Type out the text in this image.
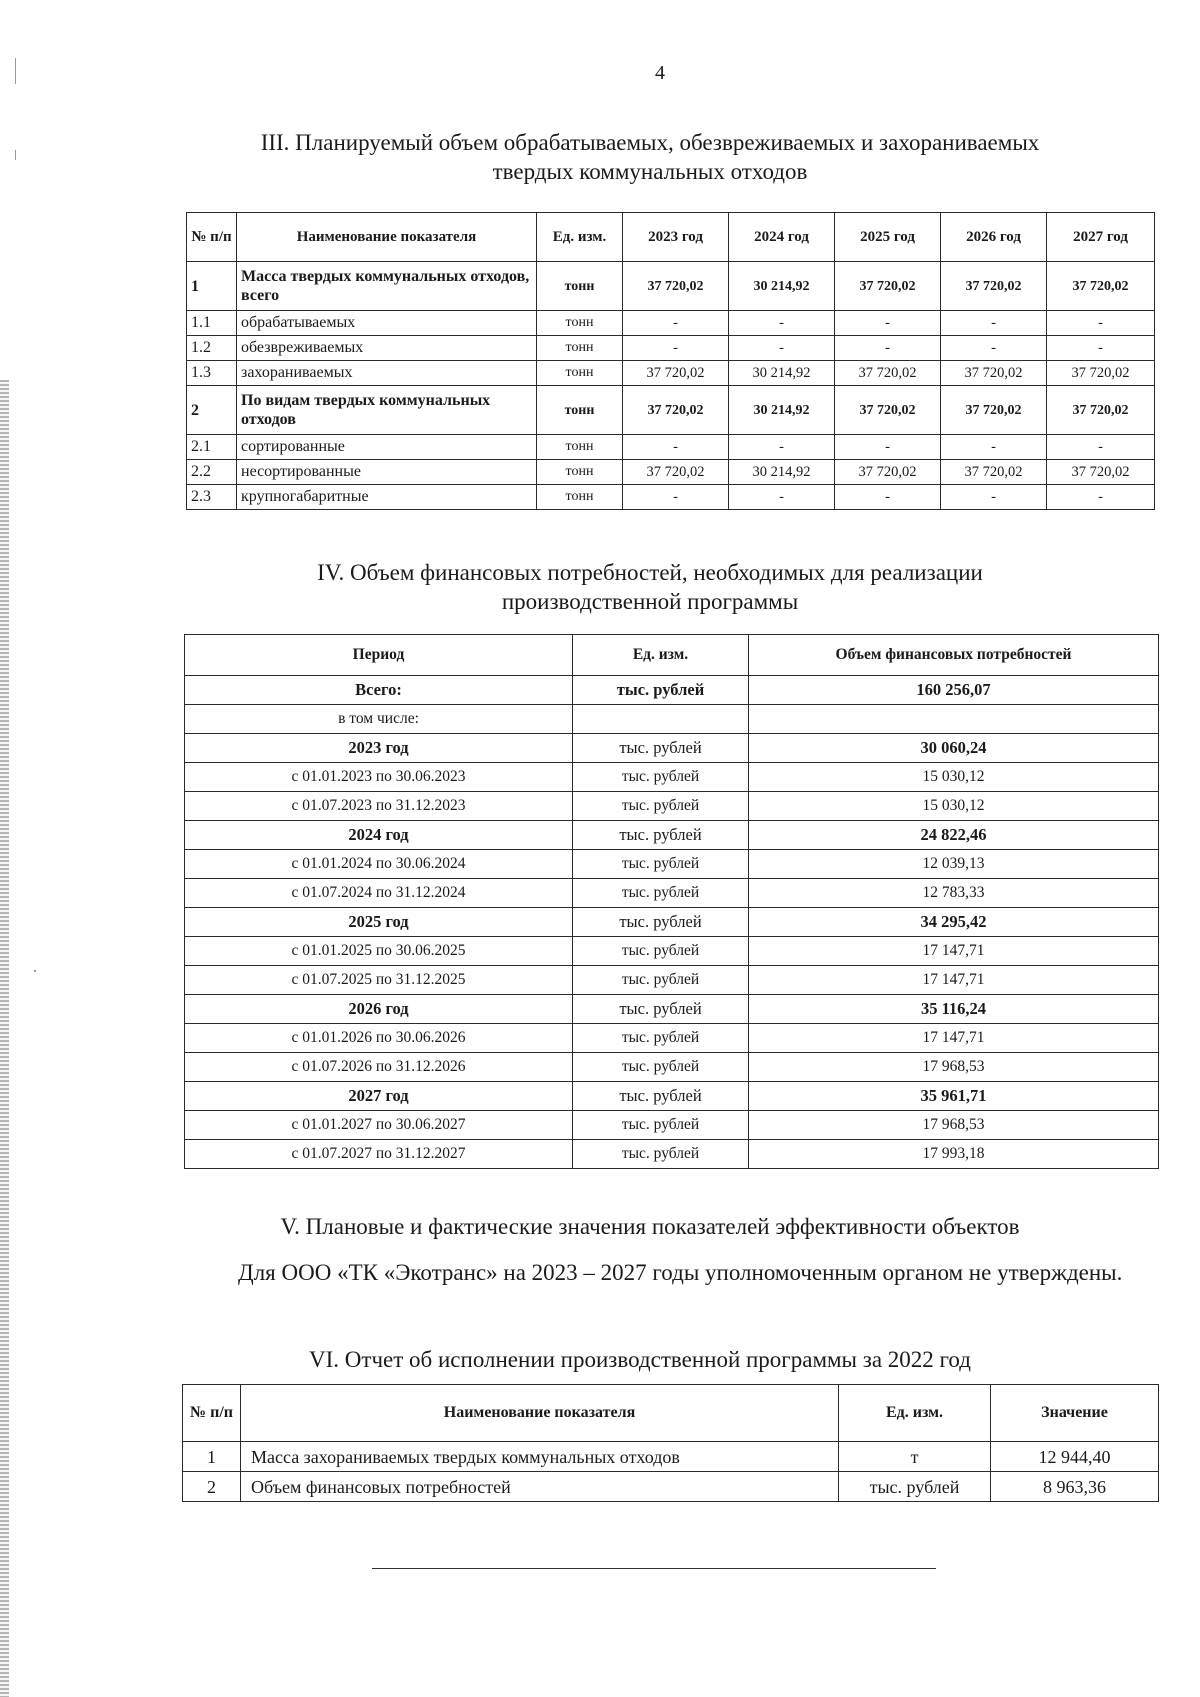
4
III. Планируемый объем обрабатываемых, обезвреживаемых и захораниваемых
твердых коммунальных отходов
№ п/п	Наименование показателя	Ед. изм.	2023 год	2024 год	2025 год	2026 год	2027 год
1	Масса твердых коммунальных отходов, всего	тонн	37 720,02	30 214,92	37 720,02	37 720,02	37 720,02
1.1	обрабатываемых	тонн	-	-	-	-	-
1.2	обезвреживаемых	тонн	-	-	-	-	-
1.3	захораниваемых	тонн	37 720,02	30 214,92	37 720,02	37 720,02	37 720,02
2	По видам твердых коммунальных отходов	тонн	37 720,02	30 214,92	37 720,02	37 720,02	37 720,02
2.1	сортированные	тонн	-	-	-	-	-
2.2	несортированные	тонн	37 720,02	30 214,92	37 720,02	37 720,02	37 720,02
2.3	крупногабаритные	тонн	-	-	-	-	-
IV. Объем финансовых потребностей, необходимых для реализации
производственной программы
Период	Ед. изм.	Объем финансовых потребностей
Всего:	тыс. рублей	160 256,07
в том числе:		
2023 год	тыс. рублей	30 060,24
с 01.01.2023 по 30.06.2023	тыс. рублей	15 030,12
с 01.07.2023 по 31.12.2023	тыс. рублей	15 030,12
2024 год	тыс. рублей	24 822,46
с 01.01.2024 по 30.06.2024	тыс. рублей	12 039,13
с 01.07.2024 по 31.12.2024	тыс. рублей	12 783,33
2025 год	тыс. рублей	34 295,42
с 01.01.2025 по 30.06.2025	тыс. рублей	17 147,71
с 01.07.2025 по 31.12.2025	тыс. рублей	17 147,71
2026 год	тыс. рублей	35 116,24
с 01.01.2026 по 30.06.2026	тыс. рублей	17 147,71
с 01.07.2026 по 31.12.2026	тыс. рублей	17 968,53
2027 год	тыс. рублей	35 961,71
с 01.01.2027 по 30.06.2027	тыс. рублей	17 968,53
с 01.07.2027 по 31.12.2027	тыс. рублей	17 993,18
V. Плановые и фактические значения показателей эффективности объектов
Для ООО «ТК «Экотранс» на 2023 – 2027 годы уполномоченным органом не утверждены.
VI. Отчет об исполнении производственной программы за 2022 год
№ п/п	Наименование показателя	Ед. изм.	Значение
1	Масса захораниваемых твердых коммунальных отходов	т	12 944,40
2	Объем финансовых потребностей	тыс. рублей	8 963,36
